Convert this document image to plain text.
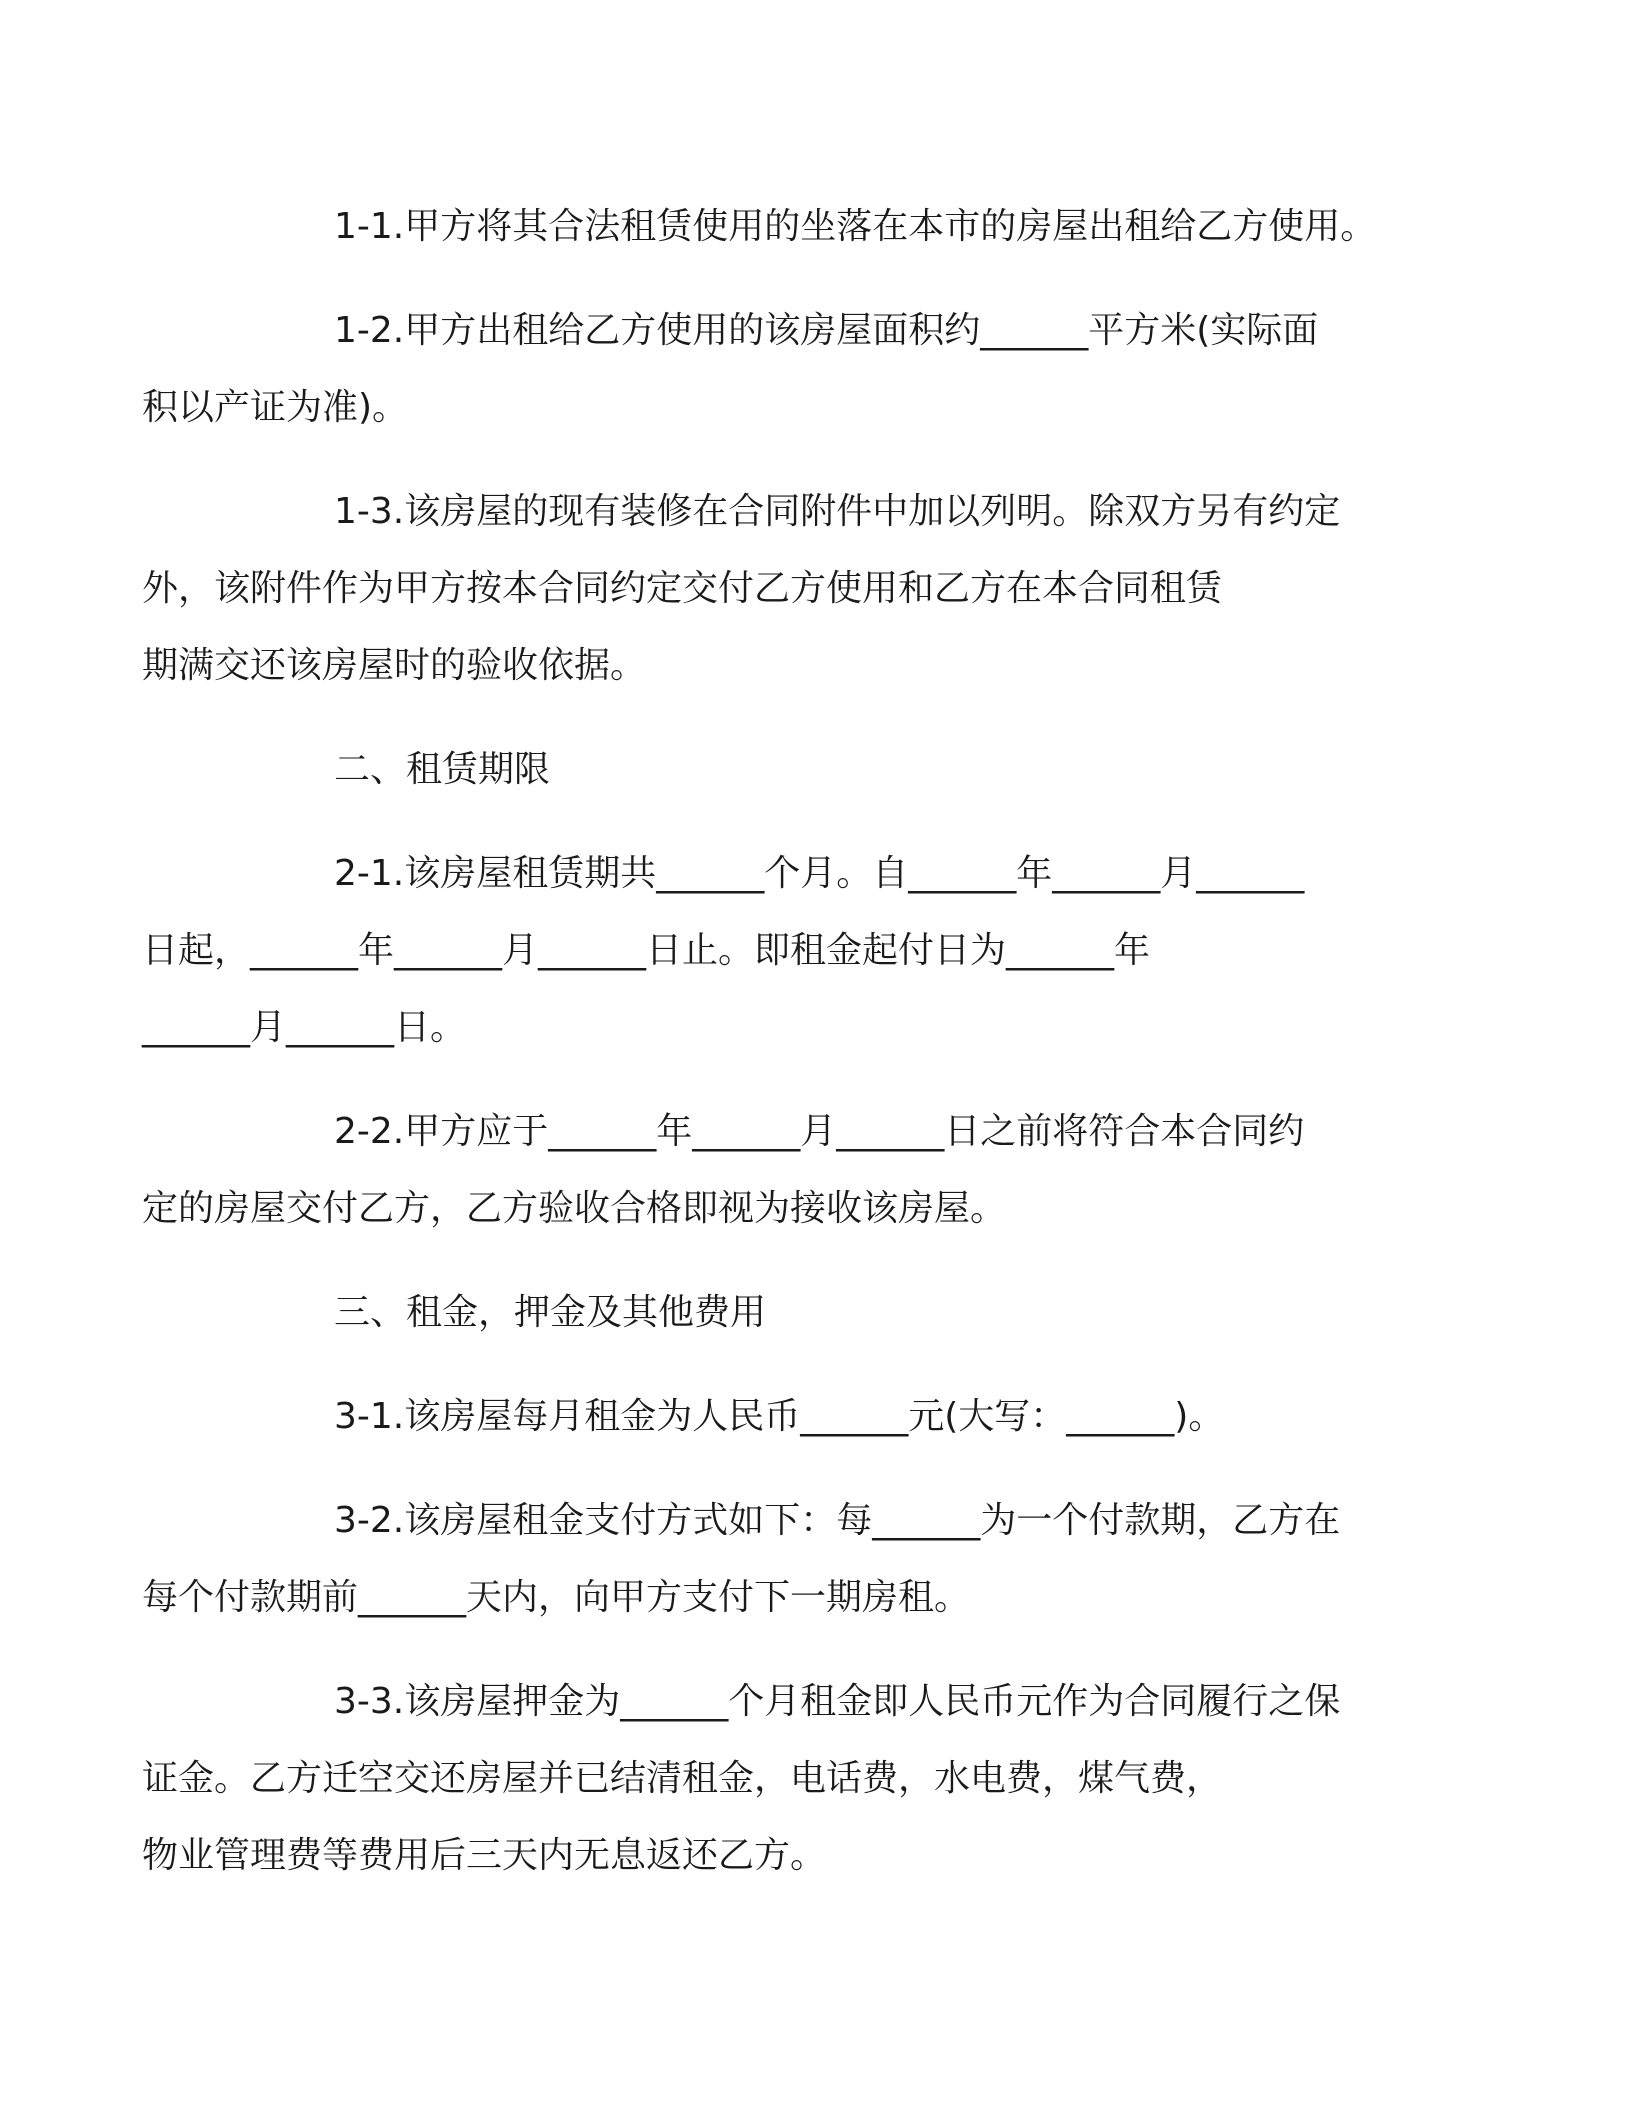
1-1.甲方将其合法租赁使用的坐落在本市的房屋出租给乙方使用。

1-2.甲方出租给乙方使用的该房屋面积约______平方米(实际面
积以产证为准)。

1-3.该房屋的现有装修在合同附件中加以列明。除双方另有约定
外，该附件作为甲方按本合同约定交付乙方使用和乙方在本合同租赁
期满交还该房屋时的验收依据。

二、租赁期限

2-1.该房屋租赁期共______个月。自______年______月______
日起，______年______月______日止。即租金起付日为______年
______月______日。

2-2.甲方应于______年______月______日之前将符合本合同约
定的房屋交付乙方，乙方验收合格即视为接收该房屋。

三、租金，押金及其他费用

3-1.该房屋每月租金为人民币______元(大写：______)。

3-2.该房屋租金支付方式如下：每______为一个付款期，乙方在
每个付款期前______天内，向甲方支付下一期房租。

3-3.该房屋押金为______个月租金即人民币元作为合同履行之保
证金。乙方迁空交还房屋并已结清租金，电话费，水电费，煤气费，
物业管理费等费用后三天内无息返还乙方。
